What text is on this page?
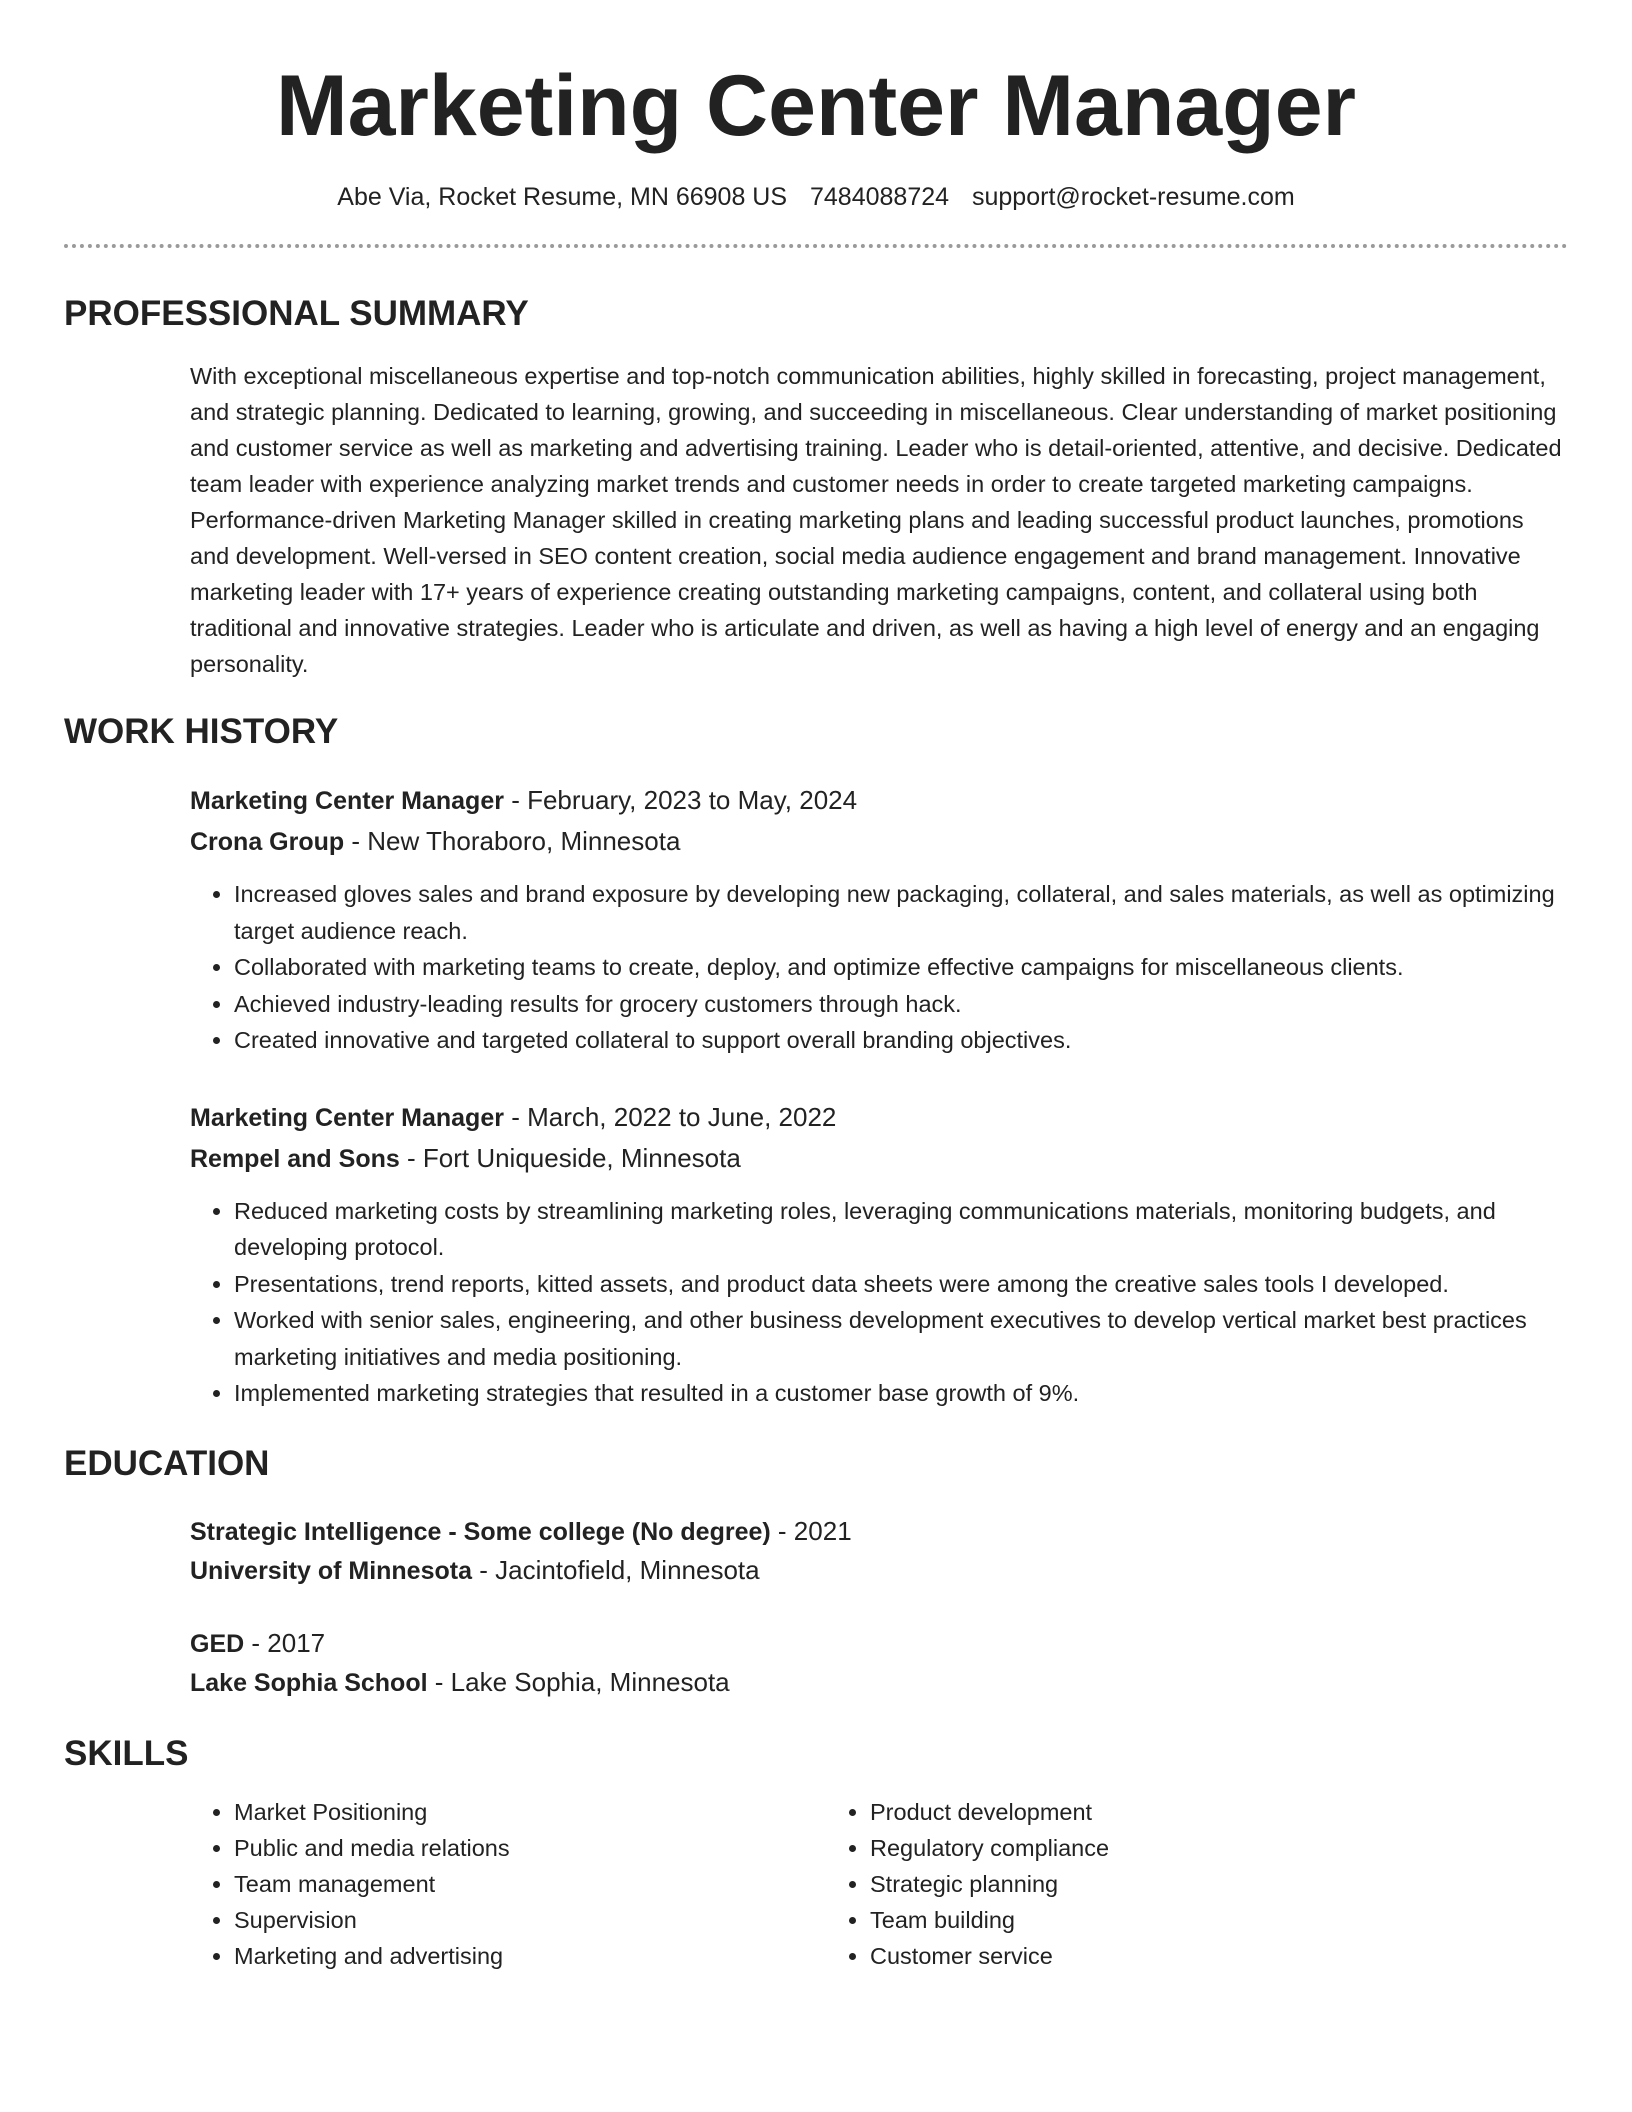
Marketing Center Manager
Abe Via, Rocket Resume, MN 66908 US 7484088724 support@rocket-resume.com
PROFESSIONAL SUMMARY
With exceptional miscellaneous expertise and top-notch communication abilities, highly skilled in forecasting, project management, and strategic planning. Dedicated to learning, growing, and succeeding in miscellaneous. Clear understanding of market positioning and customer service as well as marketing and advertising training. Leader who is detail-oriented, attentive, and decisive. Dedicated team leader with experience analyzing market trends and customer needs in order to create targeted marketing campaigns. Performance-driven Marketing Manager skilled in creating marketing plans and leading successful product launches, promotions and development. Well-versed in SEO content creation, social media audience engagement and brand management. Innovative marketing leader with 17+ years of experience creating outstanding marketing campaigns, content, and collateral using both traditional and innovative strategies. Leader who is articulate and driven, as well as having a high level of energy and an engaging personality.
WORK HISTORY
Marketing Center Manager - February, 2023 to May, 2024
Crona Group - New Thoraboro, Minnesota
• Increased gloves sales and brand exposure by developing new packaging, collateral, and sales materials, as well as optimizing target audience reach.
• Collaborated with marketing teams to create, deploy, and optimize effective campaigns for miscellaneous clients.
• Achieved industry-leading results for grocery customers through hack.
• Created innovative and targeted collateral to support overall branding objectives.
Marketing Center Manager - March, 2022 to June, 2022
Rempel and Sons - Fort Uniqueside, Minnesota
• Reduced marketing costs by streamlining marketing roles, leveraging communications materials, monitoring budgets, and developing protocol.
• Presentations, trend reports, kitted assets, and product data sheets were among the creative sales tools I developed.
• Worked with senior sales, engineering, and other business development executives to develop vertical market best practices marketing initiatives and media positioning.
• Implemented marketing strategies that resulted in a customer base growth of 9%.
EDUCATION
Strategic Intelligence - Some college (No degree) - 2021
University of Minnesota - Jacintofield, Minnesota
GED - 2017
Lake Sophia School - Lake Sophia, Minnesota
SKILLS
• Market Positioning
• Public and media relations
• Team management
• Supervision
• Marketing and advertising
• Product development
• Regulatory compliance
• Strategic planning
• Team building
• Customer service
